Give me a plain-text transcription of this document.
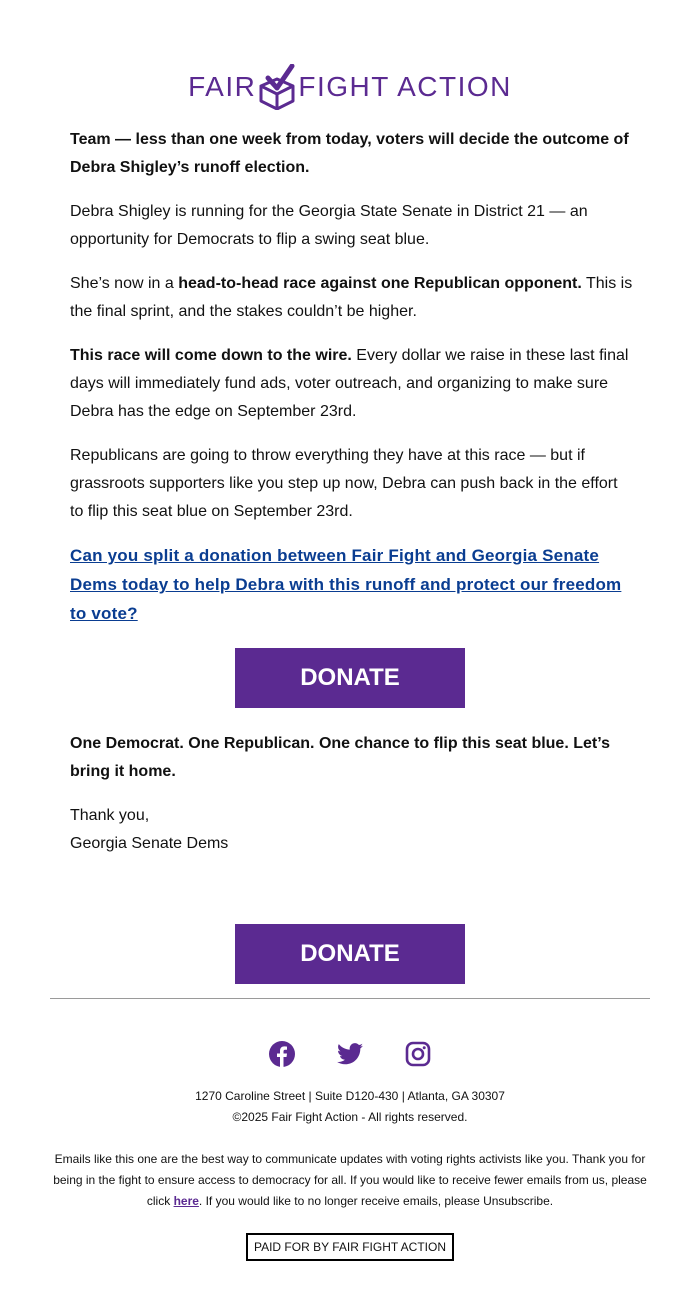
FAIR FIGHT ACTION

Team — less than one week from today, voters will decide the outcome of Debra Shigley’s runoff election.

Debra Shigley is running for the Georgia State Senate in District 21 — an opportunity for Democrats to flip a swing seat blue.

She’s now in a head-to-head race against one Republican opponent. This is the final sprint, and the stakes couldn’t be higher.

This race will come down to the wire. Every dollar we raise in these last final days will immediately fund ads, voter outreach, and organizing to make sure Debra has the edge on September 23rd.

Republicans are going to throw everything they have at this race — but if grassroots supporters like you step up now, Debra can push back in the effort to flip this seat blue on September 23rd.

Can you split a donation between Fair Fight and Georgia Senate Dems today to help Debra with this runoff and protect our freedom to vote?

DONATE

One Democrat. One Republican. One chance to flip this seat blue. Let’s bring it home.

Thank you,
Georgia Senate Dems

DONATE
1270 Caroline Street | Suite D120-430 | Atlanta, GA 30307
©2025 Fair Fight Action - All rights reserved.
Emails like this one are the best way to communicate updates with voting rights activists like you. Thank you for being in the fight to ensure access to democracy for all. If you would like to receive fewer emails from us, please click here. If you would like to no longer receive emails, please Unsubscribe.
PAID FOR BY FAIR FIGHT ACTION
